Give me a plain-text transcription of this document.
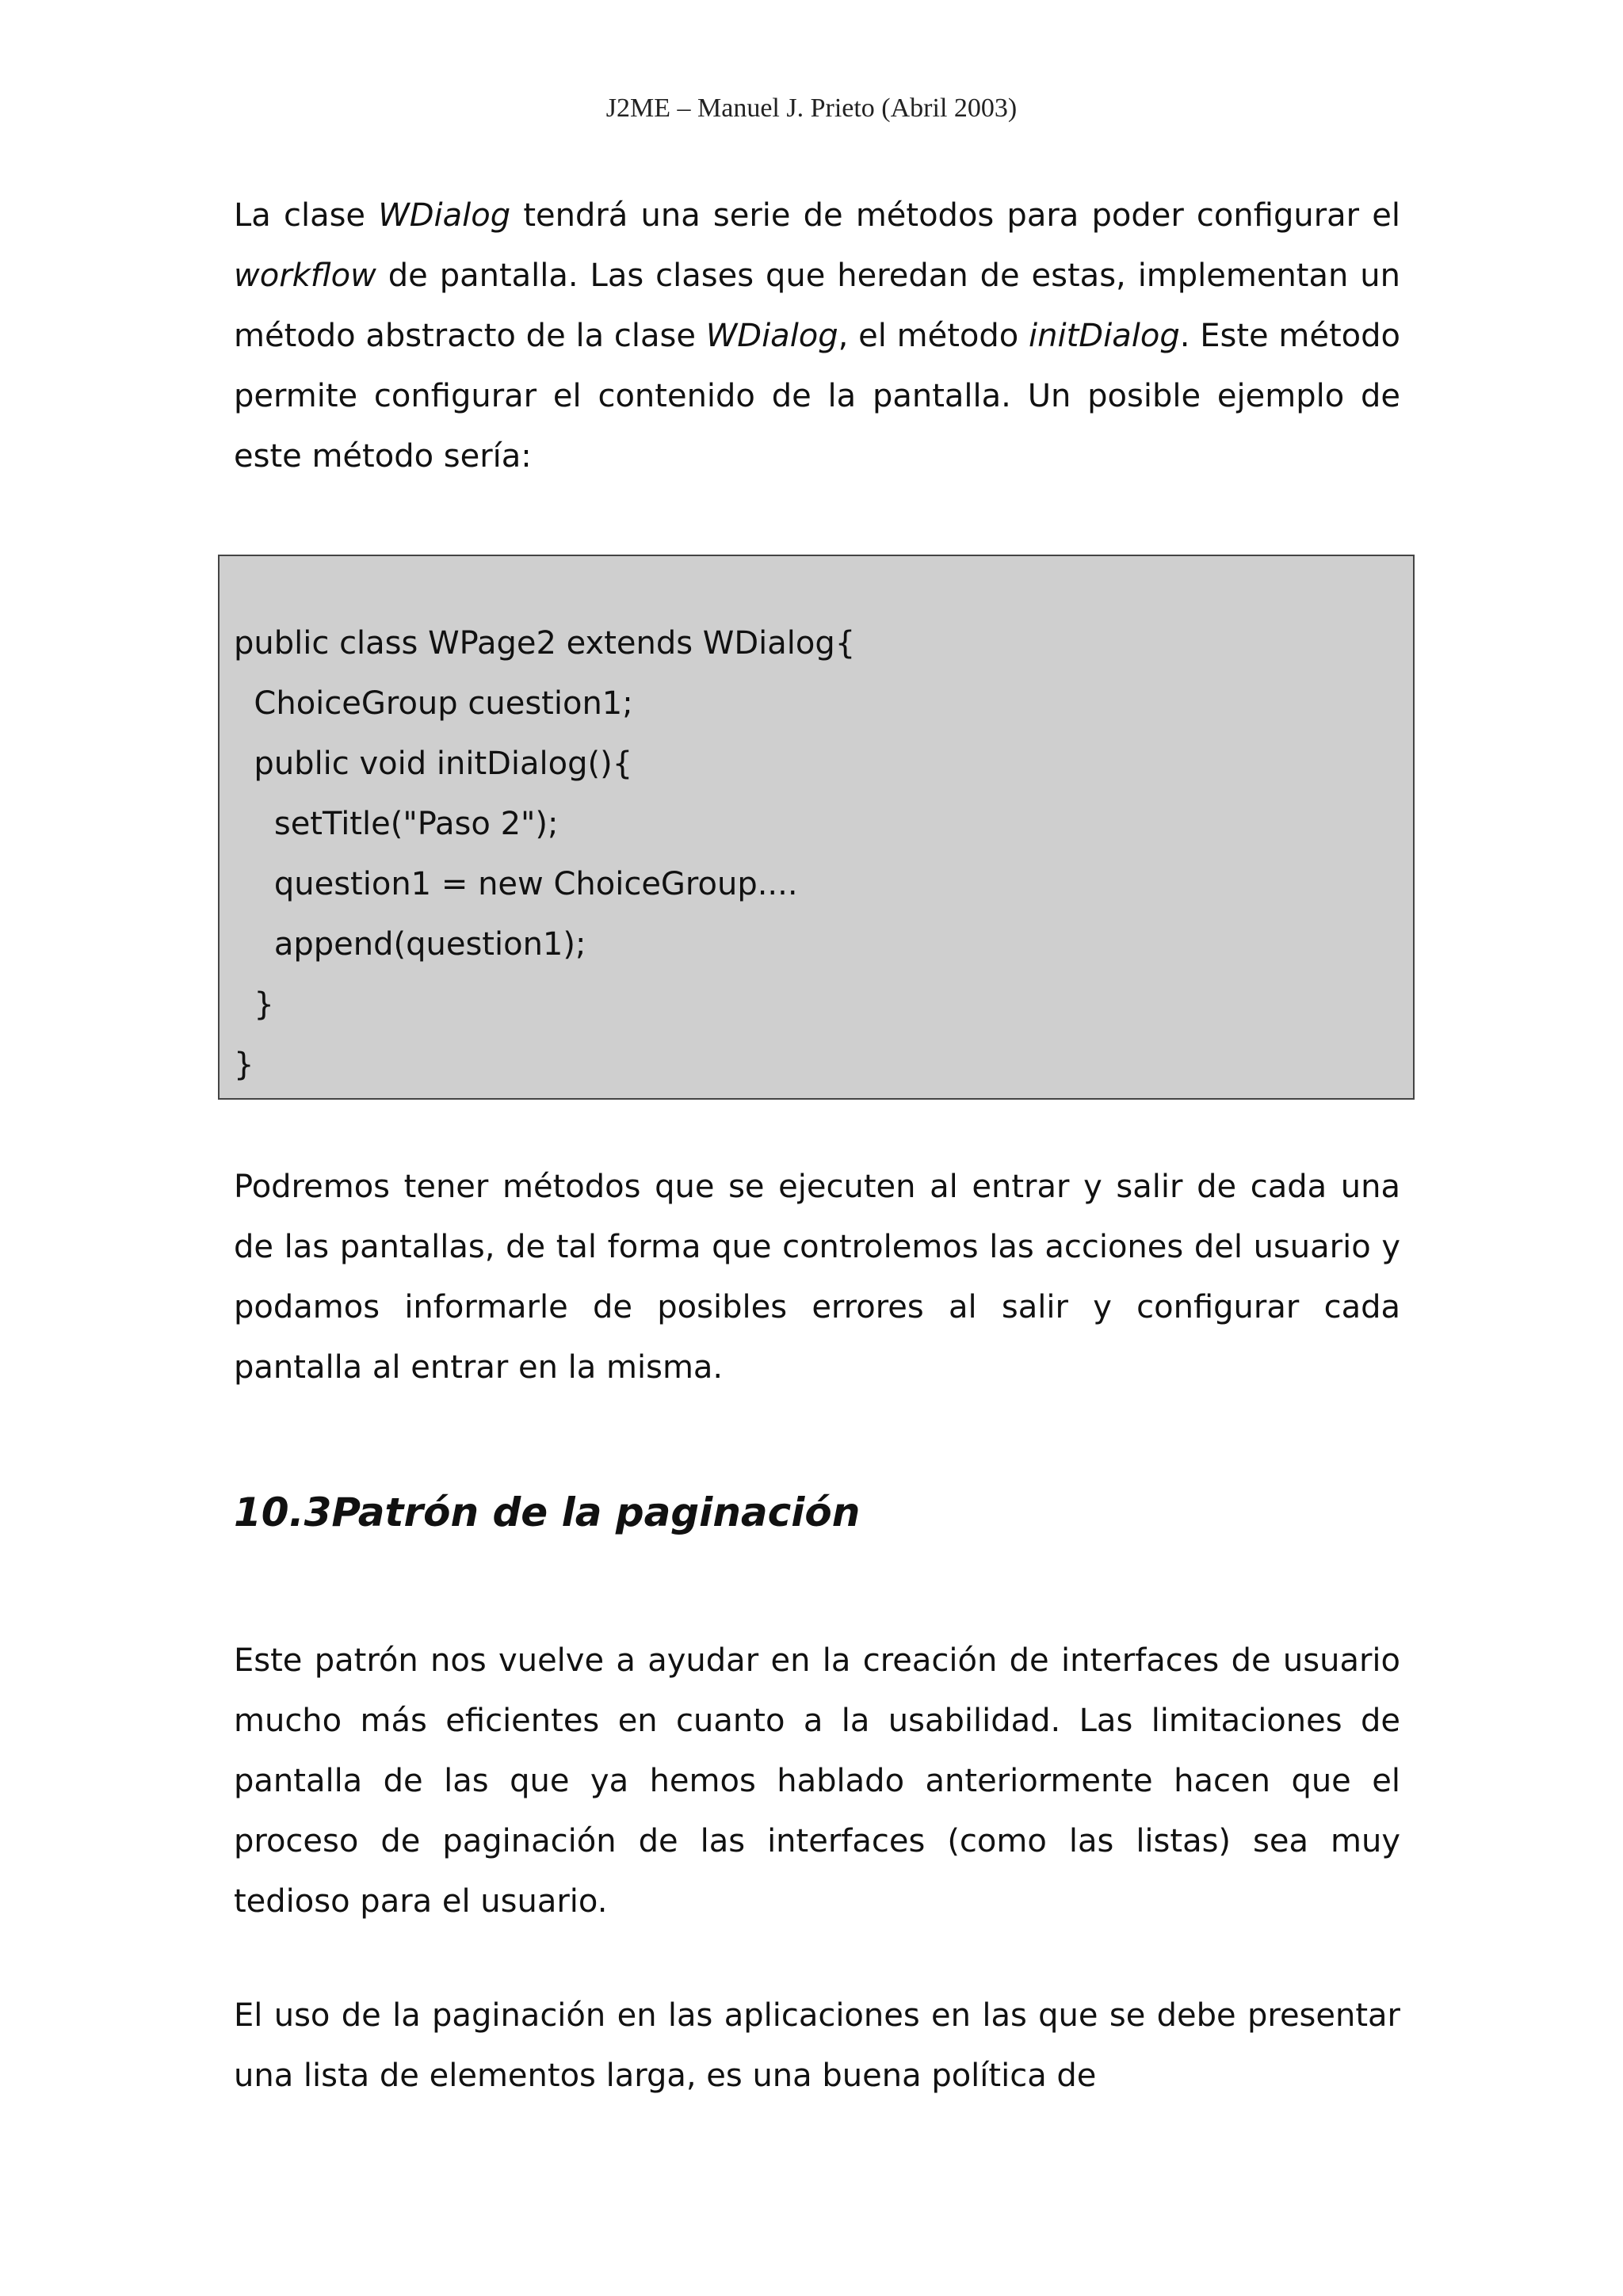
J2ME – Manuel J. Prieto (Abril 2003)

La clase WDialog tendrá una serie de métodos para poder configurar el workflow de pantalla. Las clases que heredan de estas, implementan un método abstracto de la clase WDialog, el método initDialog. Este método permite configurar el contenido de la pantalla. Un posible ejemplo de este método sería:

public class WPage2 extends WDialog{
ChoiceGroup cuestion1;
public void initDialog(){
setTitle("Paso 2");
question1 = new ChoiceGroup....
append(question1);
}
}

Podremos tener métodos que se ejecuten al entrar y salir de cada una de las pantallas, de tal forma que controlemos las acciones del usuario y podamos informarle de posibles errores al salir y configurar cada pantalla al entrar en la misma.

10.3Patrón de la paginación

Este patrón nos vuelve a ayudar en la creación de interfaces de usuario mucho más eficientes en cuanto a la usabilidad. Las limitaciones de pantalla de las que ya hemos hablado anteriormente hacen que el proceso de paginación de las interfaces (como las listas) sea muy tedioso para el usuario.

El uso de la paginación en las aplicaciones en las que se debe presentar una lista de elementos larga, es una buena política de
